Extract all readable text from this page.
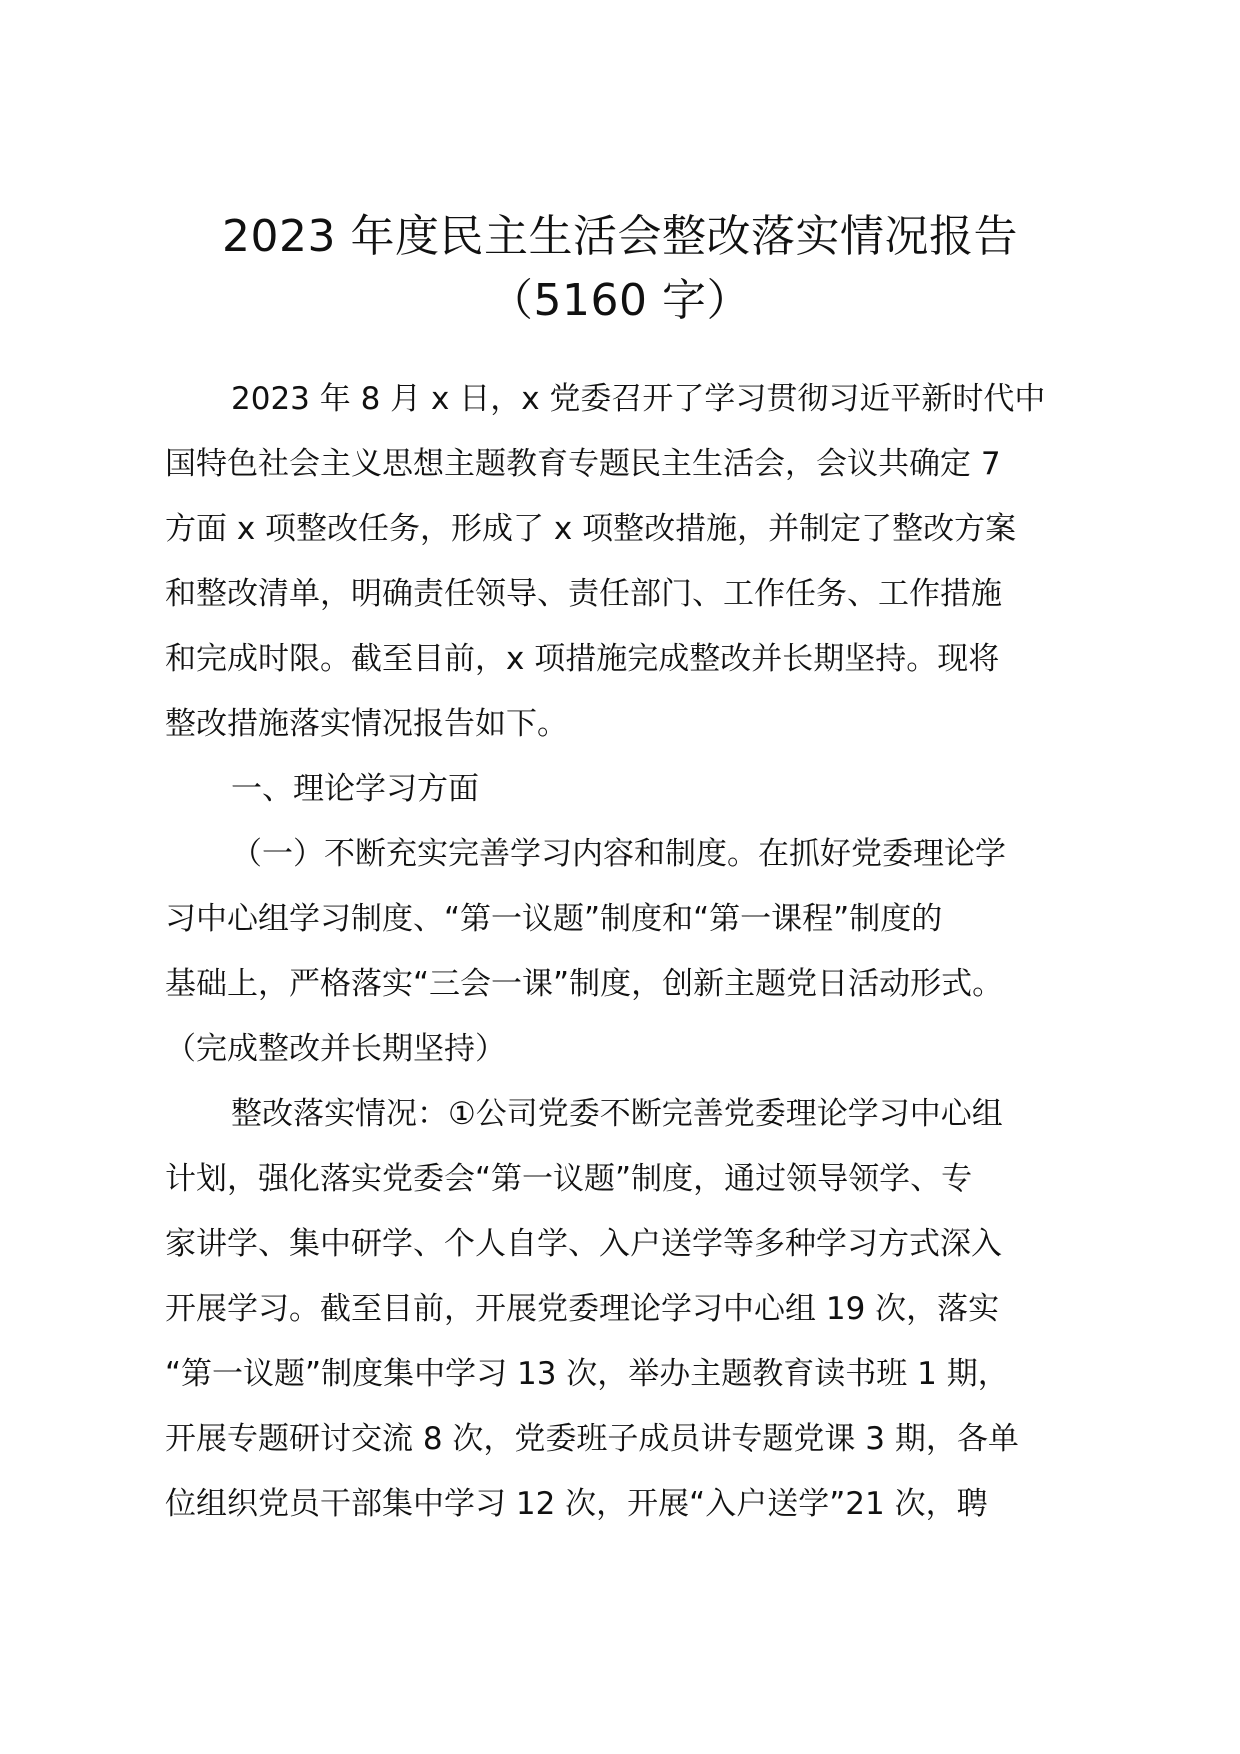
2023 年度民主生活会整改落实情况报告
（5160 字）
2023 年 8 月 x 日，x 党委召开了学习贯彻习近平新时代中
国特色社会主义思想主题教育专题民主生活会，会议共确定 7
方面 x 项整改任务，形成了 x 项整改措施，并制定了整改方案
和整改清单，明确责任领导、责任部门、工作任务、工作措施
和完成时限。截至目前，x 项措施完成整改并长期坚持。现将
整改措施落实情况报告如下。
一、理论学习方面
（一）不断充实完善学习内容和制度。在抓好党委理论学
习中心组学习制度、“第一议题”制度和“第一课程”制度的
基础上，严格落实“三会一课”制度，创新主题党日活动形式。
（完成整改并长期坚持）
整改落实情况：①公司党委不断完善党委理论学习中心组
计划，强化落实党委会“第一议题”制度，通过领导领学、专
家讲学、集中研学、个人自学、入户送学等多种学习方式深入
开展学习。截至目前，开展党委理论学习中心组 19 次，落实
“第一议题”制度集中学习 13 次，举办主题教育读书班 1 期，
开展专题研讨交流 8 次，党委班子成员讲专题党课 3 期，各单
位组织党员干部集中学习 12 次，开展“入户送学”21 次，聘
